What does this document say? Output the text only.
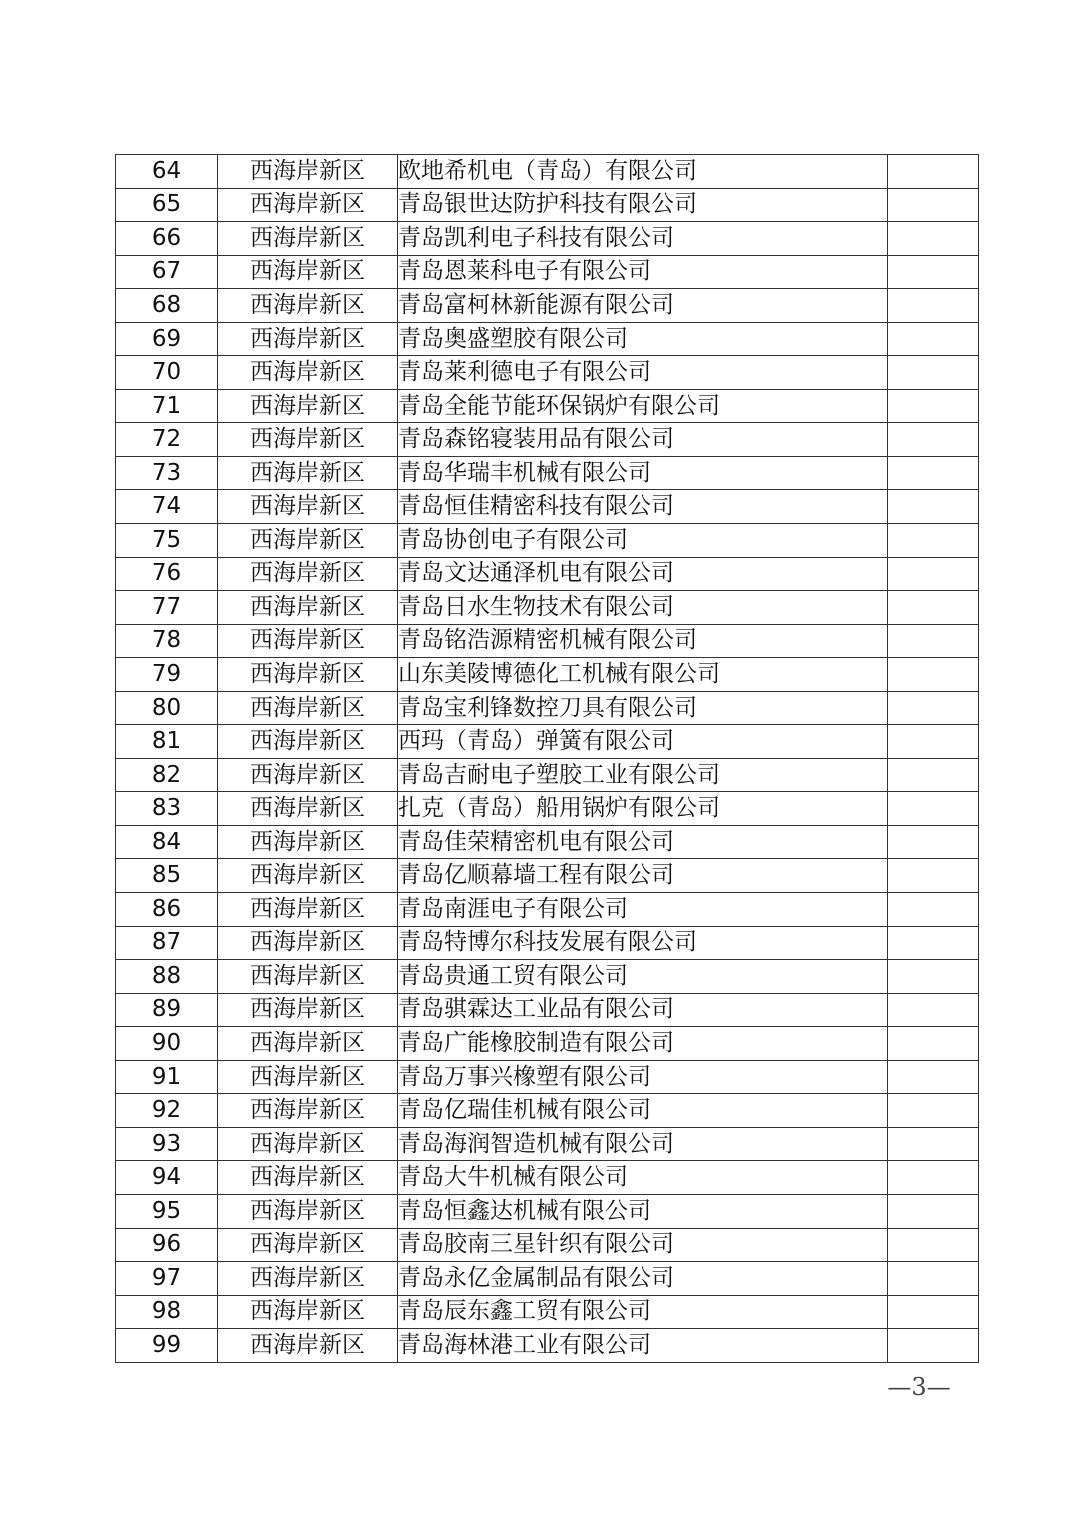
64	西海岸新区	欧地希机电（青岛）有限公司	
65	西海岸新区	青岛银世达防护科技有限公司	
66	西海岸新区	青岛凯利电子科技有限公司	
67	西海岸新区	青岛恩莱科电子有限公司	
68	西海岸新区	青岛富柯林新能源有限公司	
69	西海岸新区	青岛奥盛塑胶有限公司	
70	西海岸新区	青岛莱利德电子有限公司	
71	西海岸新区	青岛全能节能环保锅炉有限公司	
72	西海岸新区	青岛森铭寝装用品有限公司	
73	西海岸新区	青岛华瑞丰机械有限公司	
74	西海岸新区	青岛恒佳精密科技有限公司	
75	西海岸新区	青岛协创电子有限公司	
76	西海岸新区	青岛文达通泽机电有限公司	
77	西海岸新区	青岛日水生物技术有限公司	
78	西海岸新区	青岛铭浩源精密机械有限公司	
79	西海岸新区	山东美陵博德化工机械有限公司	
80	西海岸新区	青岛宝利锋数控刀具有限公司	
81	西海岸新区	西玛（青岛）弹簧有限公司	
82	西海岸新区	青岛吉耐电子塑胶工业有限公司	
83	西海岸新区	扎克（青岛）船用锅炉有限公司	
84	西海岸新区	青岛佳荣精密机电有限公司	
85	西海岸新区	青岛亿顺幕墙工程有限公司	
86	西海岸新区	青岛南涯电子有限公司	
87	西海岸新区	青岛特博尔科技发展有限公司	
88	西海岸新区	青岛贵通工贸有限公司	
89	西海岸新区	青岛骐霖达工业品有限公司	
90	西海岸新区	青岛广能橡胶制造有限公司	
91	西海岸新区	青岛万事兴橡塑有限公司	
92	西海岸新区	青岛亿瑞佳机械有限公司	
93	西海岸新区	青岛海润智造机械有限公司	
94	西海岸新区	青岛大牛机械有限公司	
95	西海岸新区	青岛恒鑫达机械有限公司	
96	西海岸新区	青岛胶南三星针织有限公司	
97	西海岸新区	青岛永亿金属制品有限公司	
98	西海岸新区	青岛辰东鑫工贸有限公司	
99	西海岸新区	青岛海林港工业有限公司	
—3—
